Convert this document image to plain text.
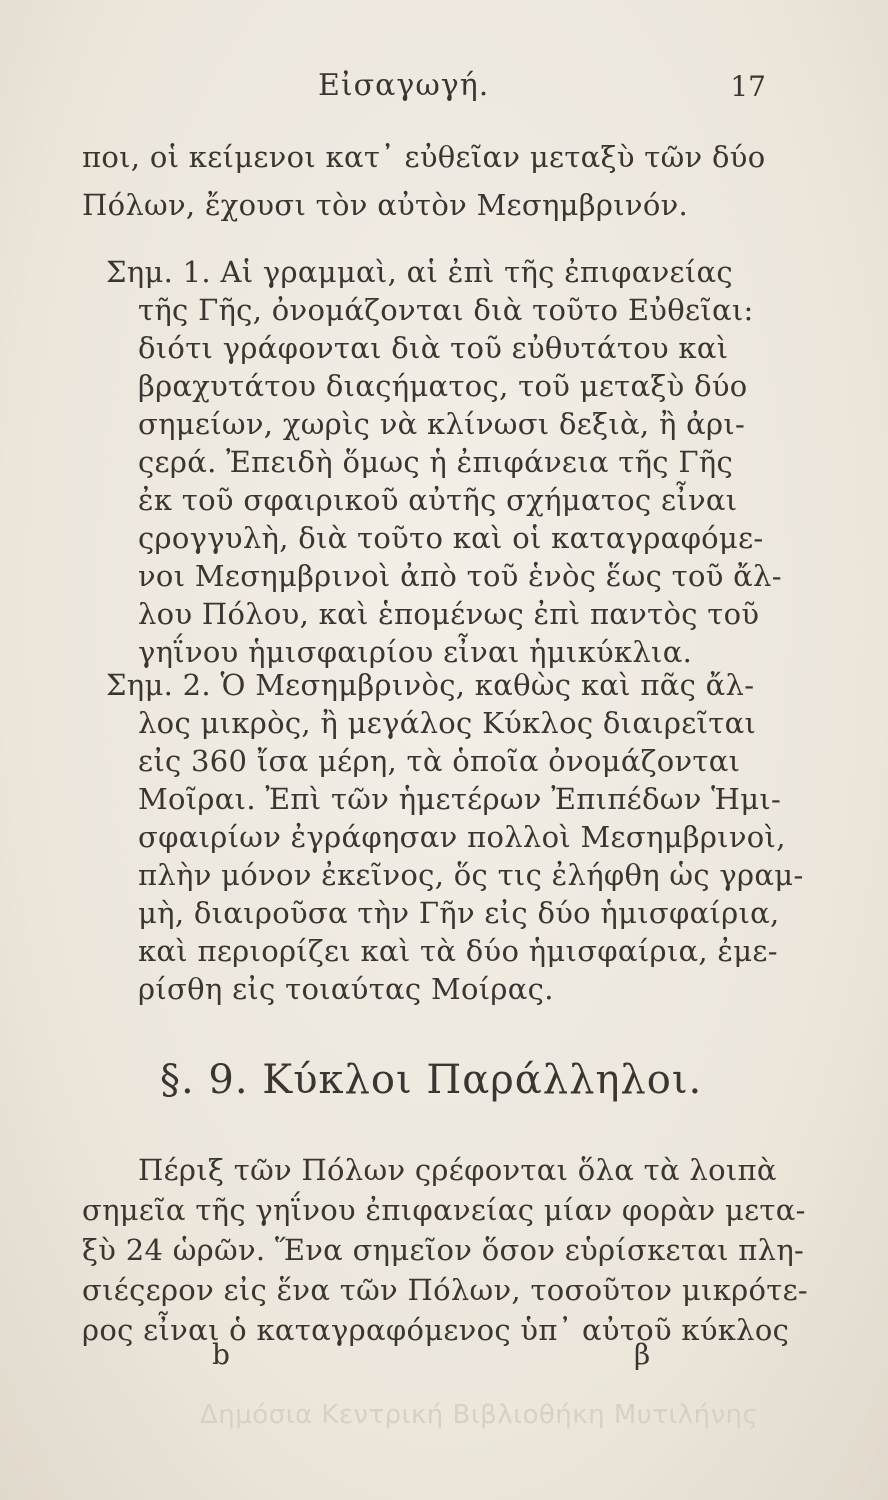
Εἰσαγωγή.	17
ποι, οἱ κείμενοι κατ᾽ εὐθεῖαν μεταξὺ τῶν δύο
Πόλων, ἔχουσι τὸν αὐτὸν Μεσημβρινόν.
Σημ. 1. Αἱ γραμμαὶ, αἱ ἐπὶ τῆς ἐπιφανείας
τῆς Γῆς, ὀνομάζονται διὰ τοῦτο Εὐθεῖαι:
διότι γράφονται διὰ τοῦ εὐθυτάτου καὶ
βραχυτάτου διαςήματος, τοῦ μεταξὺ δύο
σημείων, χωρὶς νὰ κλίνωσι δεξιὰ, ἢ ἀρι-
ςερά. Ἐπειδὴ ὅμως ἡ ἐπιφάνεια τῆς Γῆς
ἐκ τοῦ σφαιρικοῦ αὐτῆς σχήματος εἶναι
ςρογγυλὴ, διὰ τοῦτο καὶ οἱ καταγραφόμε-
νοι Μεσημβρινοὶ ἀπὸ τοῦ ἑνὸς ἕως τοῦ ἄλ-
λου Πόλου, καὶ ἑπομένως ἐπὶ παντὸς τοῦ
γηΐνου ἡμισφαιρίου εἶναι ἡμικύκλια.
Σημ. 2. Ὁ Μεσημβρινὸς, καθὼς καὶ πᾶς ἄλ-
λος μικρὸς, ἢ μεγάλος Κύκλος διαιρεῖται
εἰς 360 ἴσα μέρη, τὰ ὁποῖα ὀνομάζονται
Μοῖραι. Ἐπὶ τῶν ἡμετέρων Ἐπιπέδων Ἡμι-
σφαιρίων ἐγράφησαν πολλοὶ Μεσημβρινοὶ,
πλὴν μόνον ἐκεῖνος, ὅς τις ἐλήφθη ὡς γραμ-
μὴ, διαιροῦσα τὴν Γῆν εἰς δύο ἡμισφαίρια,
καὶ περιορίζει καὶ τὰ δύο ἡμισφαίρια, ἐμε-
ρίσθη εἰς τοιαύτας Μοίρας.
§. 9. Κύκλοι Παράλληλοι.
Πέριξ τῶν Πόλων ςρέφονται ὅλα τὰ λοιπὰ
σημεῖα τῆς γηΐνου ἐπιφανείας μίαν φορὰν μετα-
ξὺ 24 ὡρῶν. Ἕνα σημεῖον ὅσον εὑρίσκεται πλη-
σιέςερον εἰς ἕνα τῶν Πόλων, τοσοῦτον μικρότε-
ρος εἶναι ὁ καταγραφόμενος ὑπ᾽ αὐτοῦ κύκλος
b	β
Δημόσια Κεντρική Βιβλιοθήκη Μυτιλήνης
